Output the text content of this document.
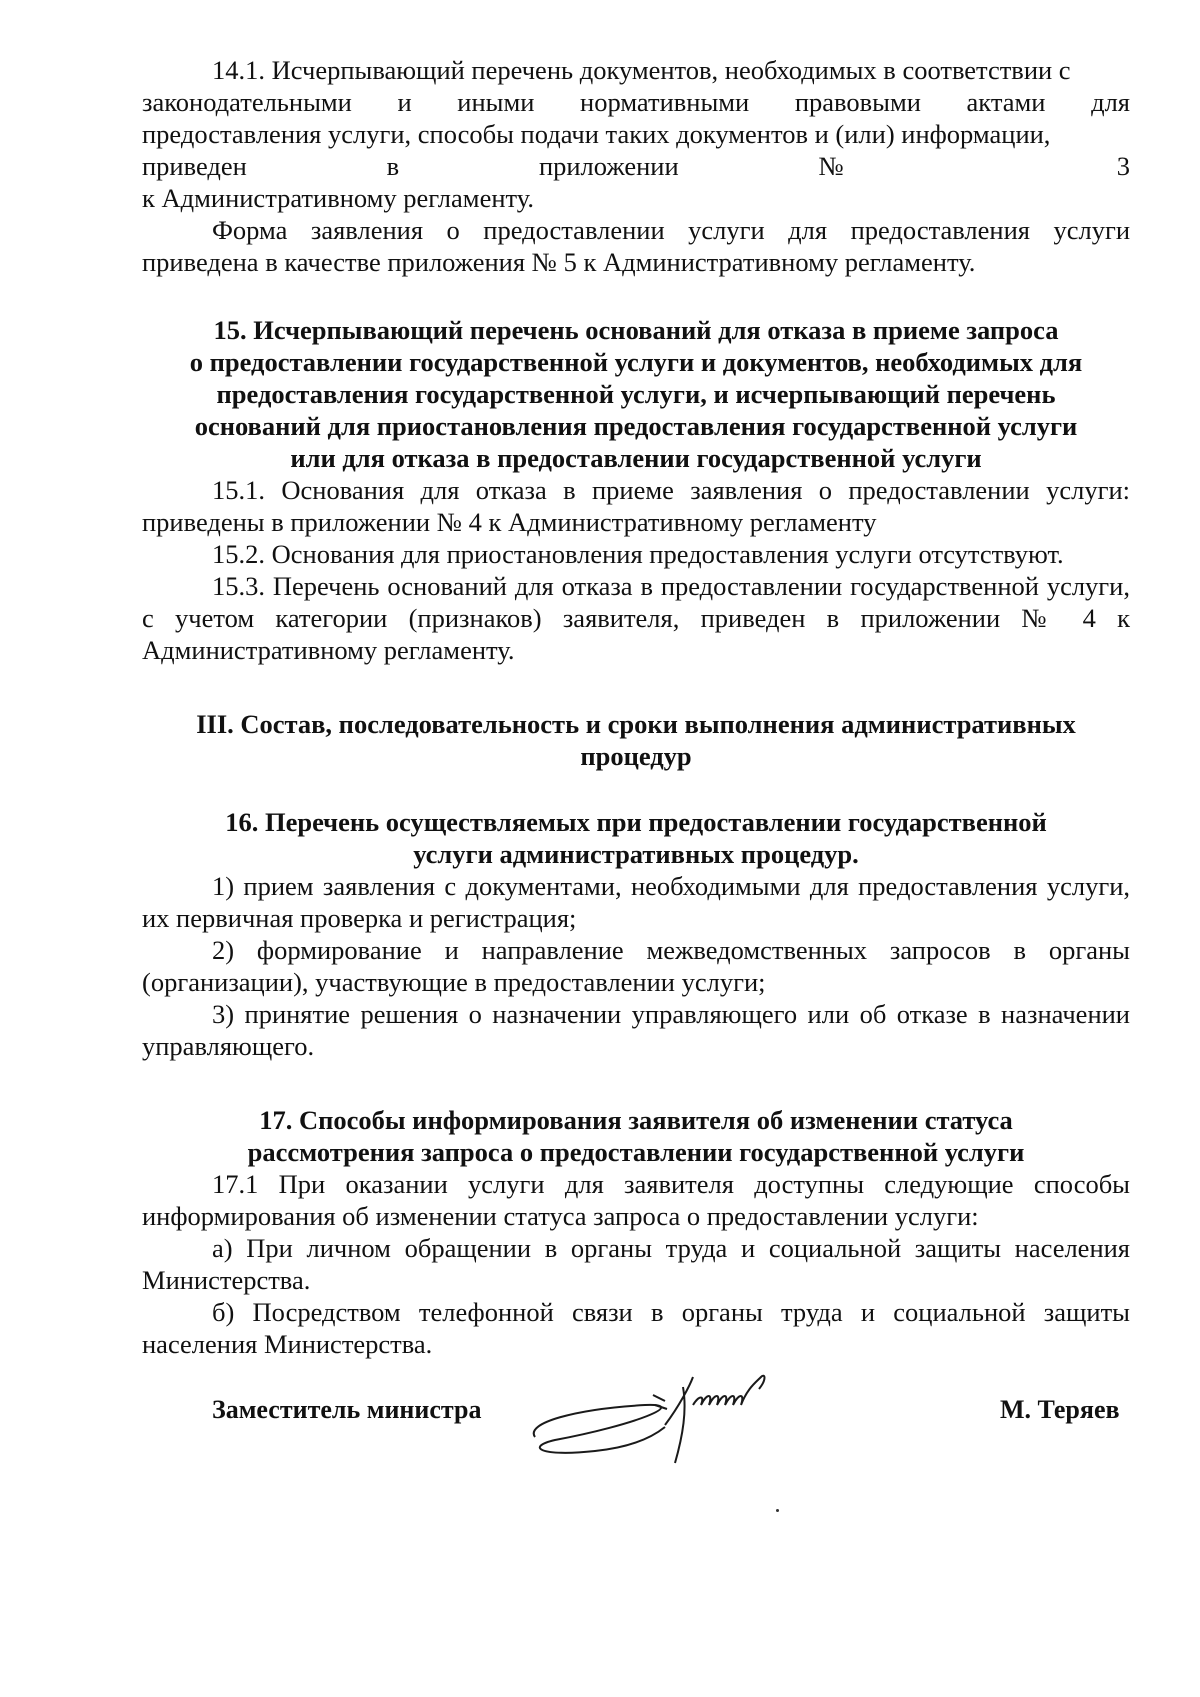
14.1. Исчерпывающий перечень документов, необходимых в соответствии с

законодательными и иными нормативными правовыми актами для
предоставления услуги, способы подачи таких документов и (или) информации,
приведен в приложении № 3
к Административному регламенту.

Форма заявления о предоставлении услуги для предоставления услуги приведена в качестве приложения № 5 к Административному регламенту.

15. Исчерпывающий перечень оснований для отказа в приеме запроса
о предоставлении государственной услуги и документов, необходимых для
предоставления государственной услуги, и исчерпывающий перечень
оснований для приостановления предоставления государственной услуги
или для отказа в предоставлении государственной услуги

15.1. Основания для отказа в приеме заявления о предоставлении услуги: приведены в приложении № 4 к Административному регламенту

15.2. Основания для приостановления предоставления услуги отсутствуют.

15.3. Перечень оснований для отказа в предоставлении государственной услуги, с учетом категории (признаков) заявителя, приведен в приложении № 4 к Административному регламенту.

III. Состав, последовательность и сроки выполнения административных
процедур
16. Перечень осуществляемых при предоставлении государственной
услуги административных процедур.

1) прием заявления с документами, необходимыми для предоставления услуги, их первичная проверка и регистрация;

2) формирование и направление межведомственных запросов в органы (организации), участвующие в предоставлении услуги;

3) принятие решения о назначении управляющего или об отказе в назначении управляющего.

17. Способы информирования заявителя об изменении статуса
рассмотрения запроса о предоставлении государственной услуги

17.1 При оказании услуги для заявителя доступны следующие способы информирования об изменении статуса запроса о предоставлении услуги:

а) При личном обращении в органы труда и социальной защиты населения Министерства.

б) Посредством телефонной связи в органы труда и социальной защиты населения Министерства.

Заместитель министра	М. Теряев
